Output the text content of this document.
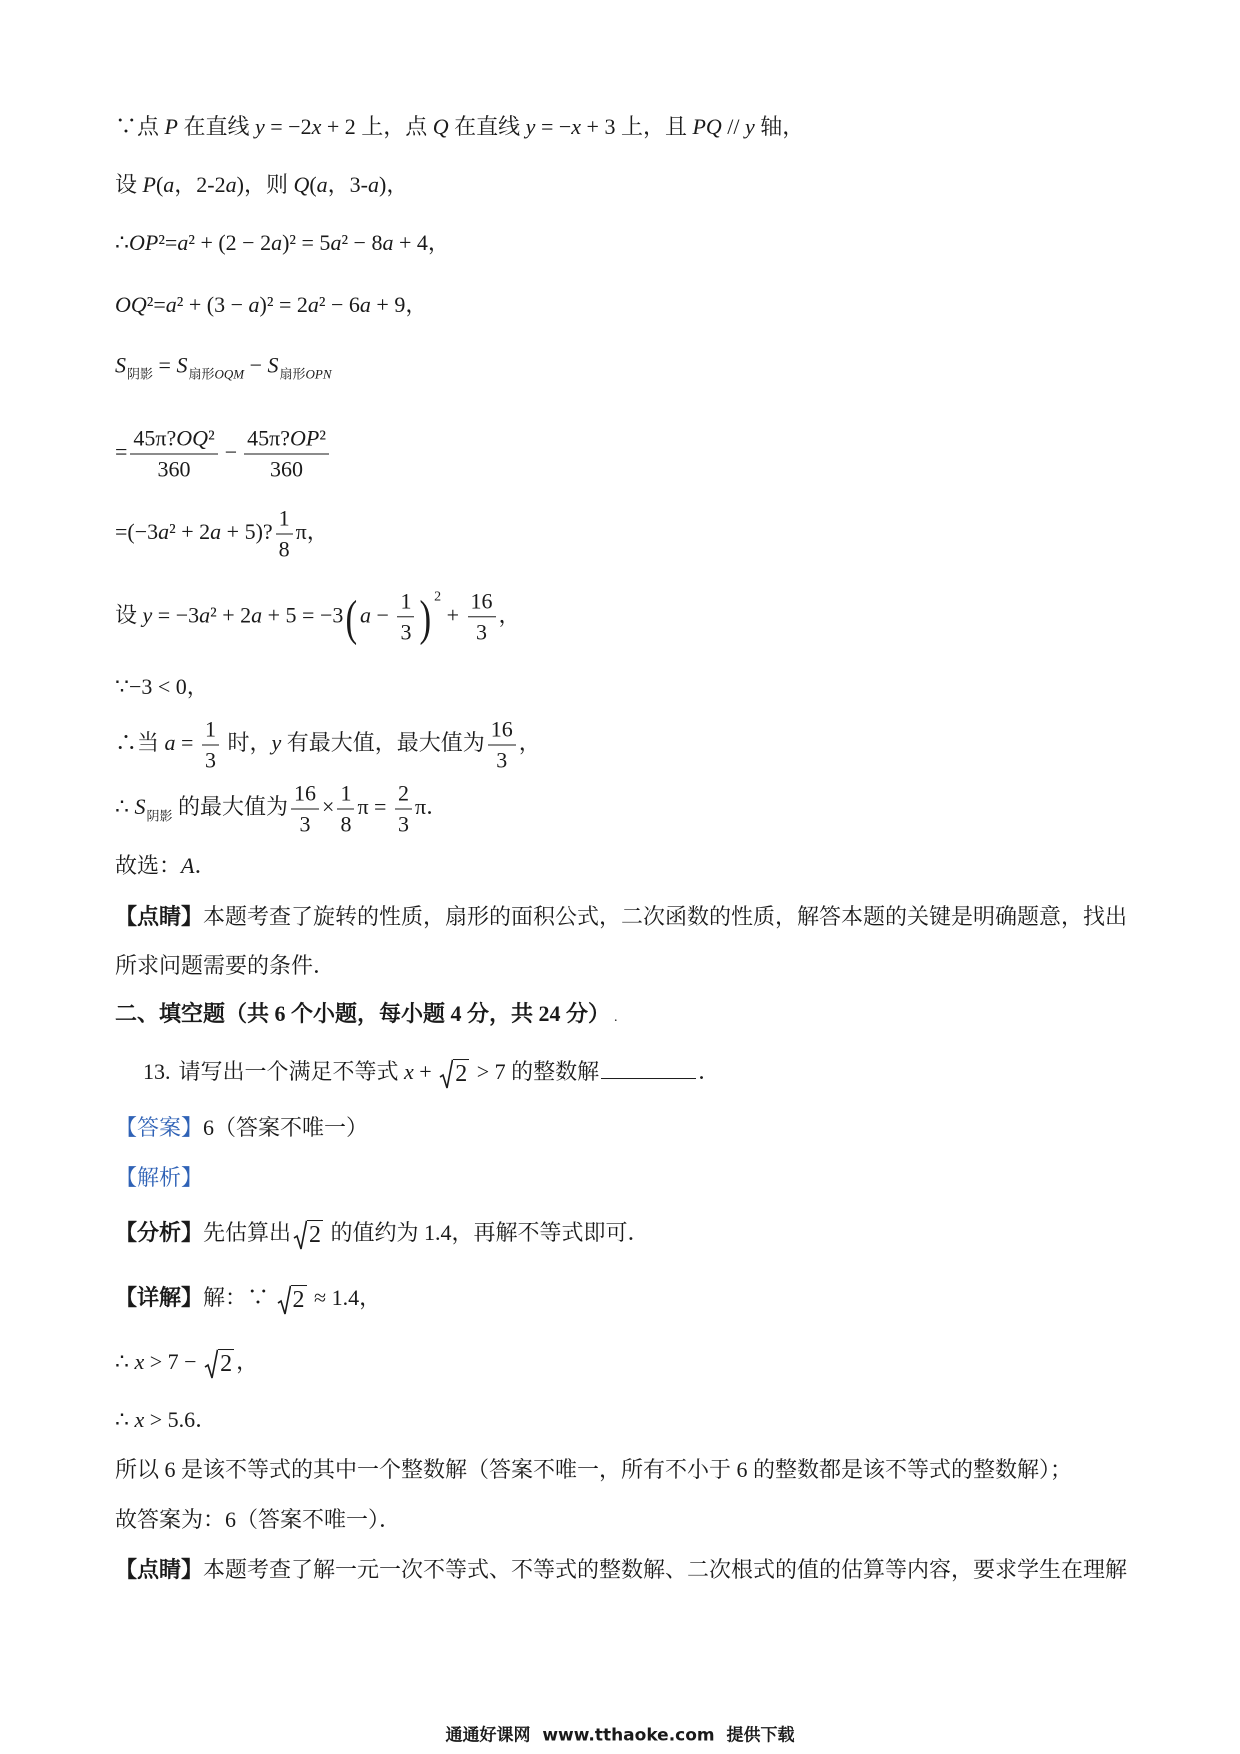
∵点 P 在直线 y = −2x + 2 上，点 Q 在直线 y = −x + 3 上，且 PQ // y 轴，
设 P(a，2-2a)，则 Q(a，3-a)，
∴OP²=a² + (2 − 2a)² = 5a² − 8a + 4，
OQ²=a² + (3 − a)² = 2a² − 6a + 9，
$S_{阴影} = S_{扇形OQM} - S_{扇形OPN}$
= $\frac{\text{45π?OQ²}}{360} - \frac{\text{45π?OP²}}{360}$
=(−3a² + 2a + 5)? $\frac{1}{8}$ π，
设 y = −3a² + 2a + 5 = −3( $a - \frac{1}{3}$ ) $^2 + \frac{16}{3}$ ，
∵−3 < 0，
∴当 $a = \frac{1}{3}$ 时，y 有最大值，最大值为 $\frac{16}{3}$ ，
∴ $S_{阴影}$ 的最大值为 $\frac{16}{3} \times \frac{1}{8}$ $\pi = \frac{2}{3}$ π．
故选：A．
【点睛】本题考查了旋转的性质，扇形的面积公式，二次函数的性质，解答本题的关键是明确题意，找出
所求问题需要的条件．
二、填空题（共 6 个小题，每小题 4 分，共 24 分） .
13. 请写出一个满足不等式 x + 2 > 7 的整数解	．
【答案】6（答案不唯一）
【解析】
【分析】先估算出 2 的值约为 1.4，再解不等式即可．
【详解】解：∵ 2 ≈ 1.4，
∴ x > 7 − 2 ，
∴ x > 5.6．
所以 6 是该不等式的其中一个整数解（答案不唯一，所有不小于 6 的整数都是该不等式的整数解）；
故答案为：6（答案不唯一）．
【点睛】本题考查了解一元一次不等式、不等式的整数解、二次根式的值的估算等内容，要求学生在理解
通通好课网  www.tthaoke.com  提供下载
